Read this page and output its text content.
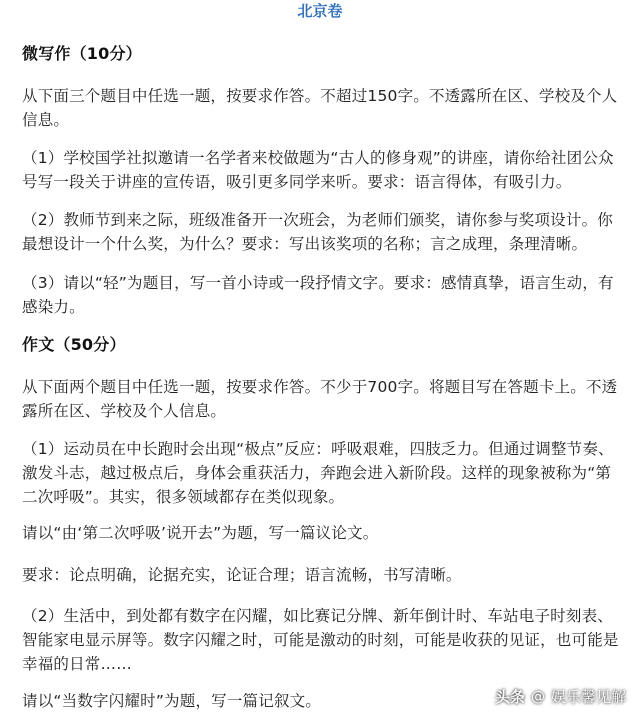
北京卷
微写作（10分）
从下面三个题目中任选一题，按要求作答。不超过150字。不透露所在区、学校及个人信息。
（1）学校国学社拟邀请一名学者来校做题为“古人的修身观”的讲座，请你给社团公众号写一段关于讲座的宣传语，吸引更多同学来听。要求：语言得体，有吸引力。
（2）教师节到来之际，班级准备开一次班会，为老师们颁奖，请你参与奖项设计。你最想设计一个什么奖，为什么？要求：写出该奖项的名称；言之成理，条理清晰。
（3）请以“轻”为题目，写一首小诗或一段抒情文字。要求：感情真挚，语言生动，有感染力。
作文（50分）
从下面两个题目中任选一题，按要求作答。不少于700字。将题目写在答题卡上。不透露所在区、学校及个人信息。
（1）运动员在中长跑时会出现“极点”反应：呼吸艰难，四肢乏力。但通过调整节奏、激发斗志，越过极点后，身体会重获活力，奔跑会进入新阶段。这样的现象被称为“第二次呼吸”。其实，很多领域都存在类似现象。
请以“由‘第二次呼吸’说开去”为题，写一篇议论文。
要求：论点明确，论据充实，论证合理；语言流畅，书写清晰。
（2）生活中，到处都有数字在闪耀，如比赛记分牌、新年倒计时、车站电子时刻表、智能家电显示屏等。数字闪耀之时，可能是激动的时刻，可能是收获的见证，也可能是幸福的日常……
请以“当数字闪耀时”为题，写一篇记叙文。	头条 @ 娱乐馨见解
